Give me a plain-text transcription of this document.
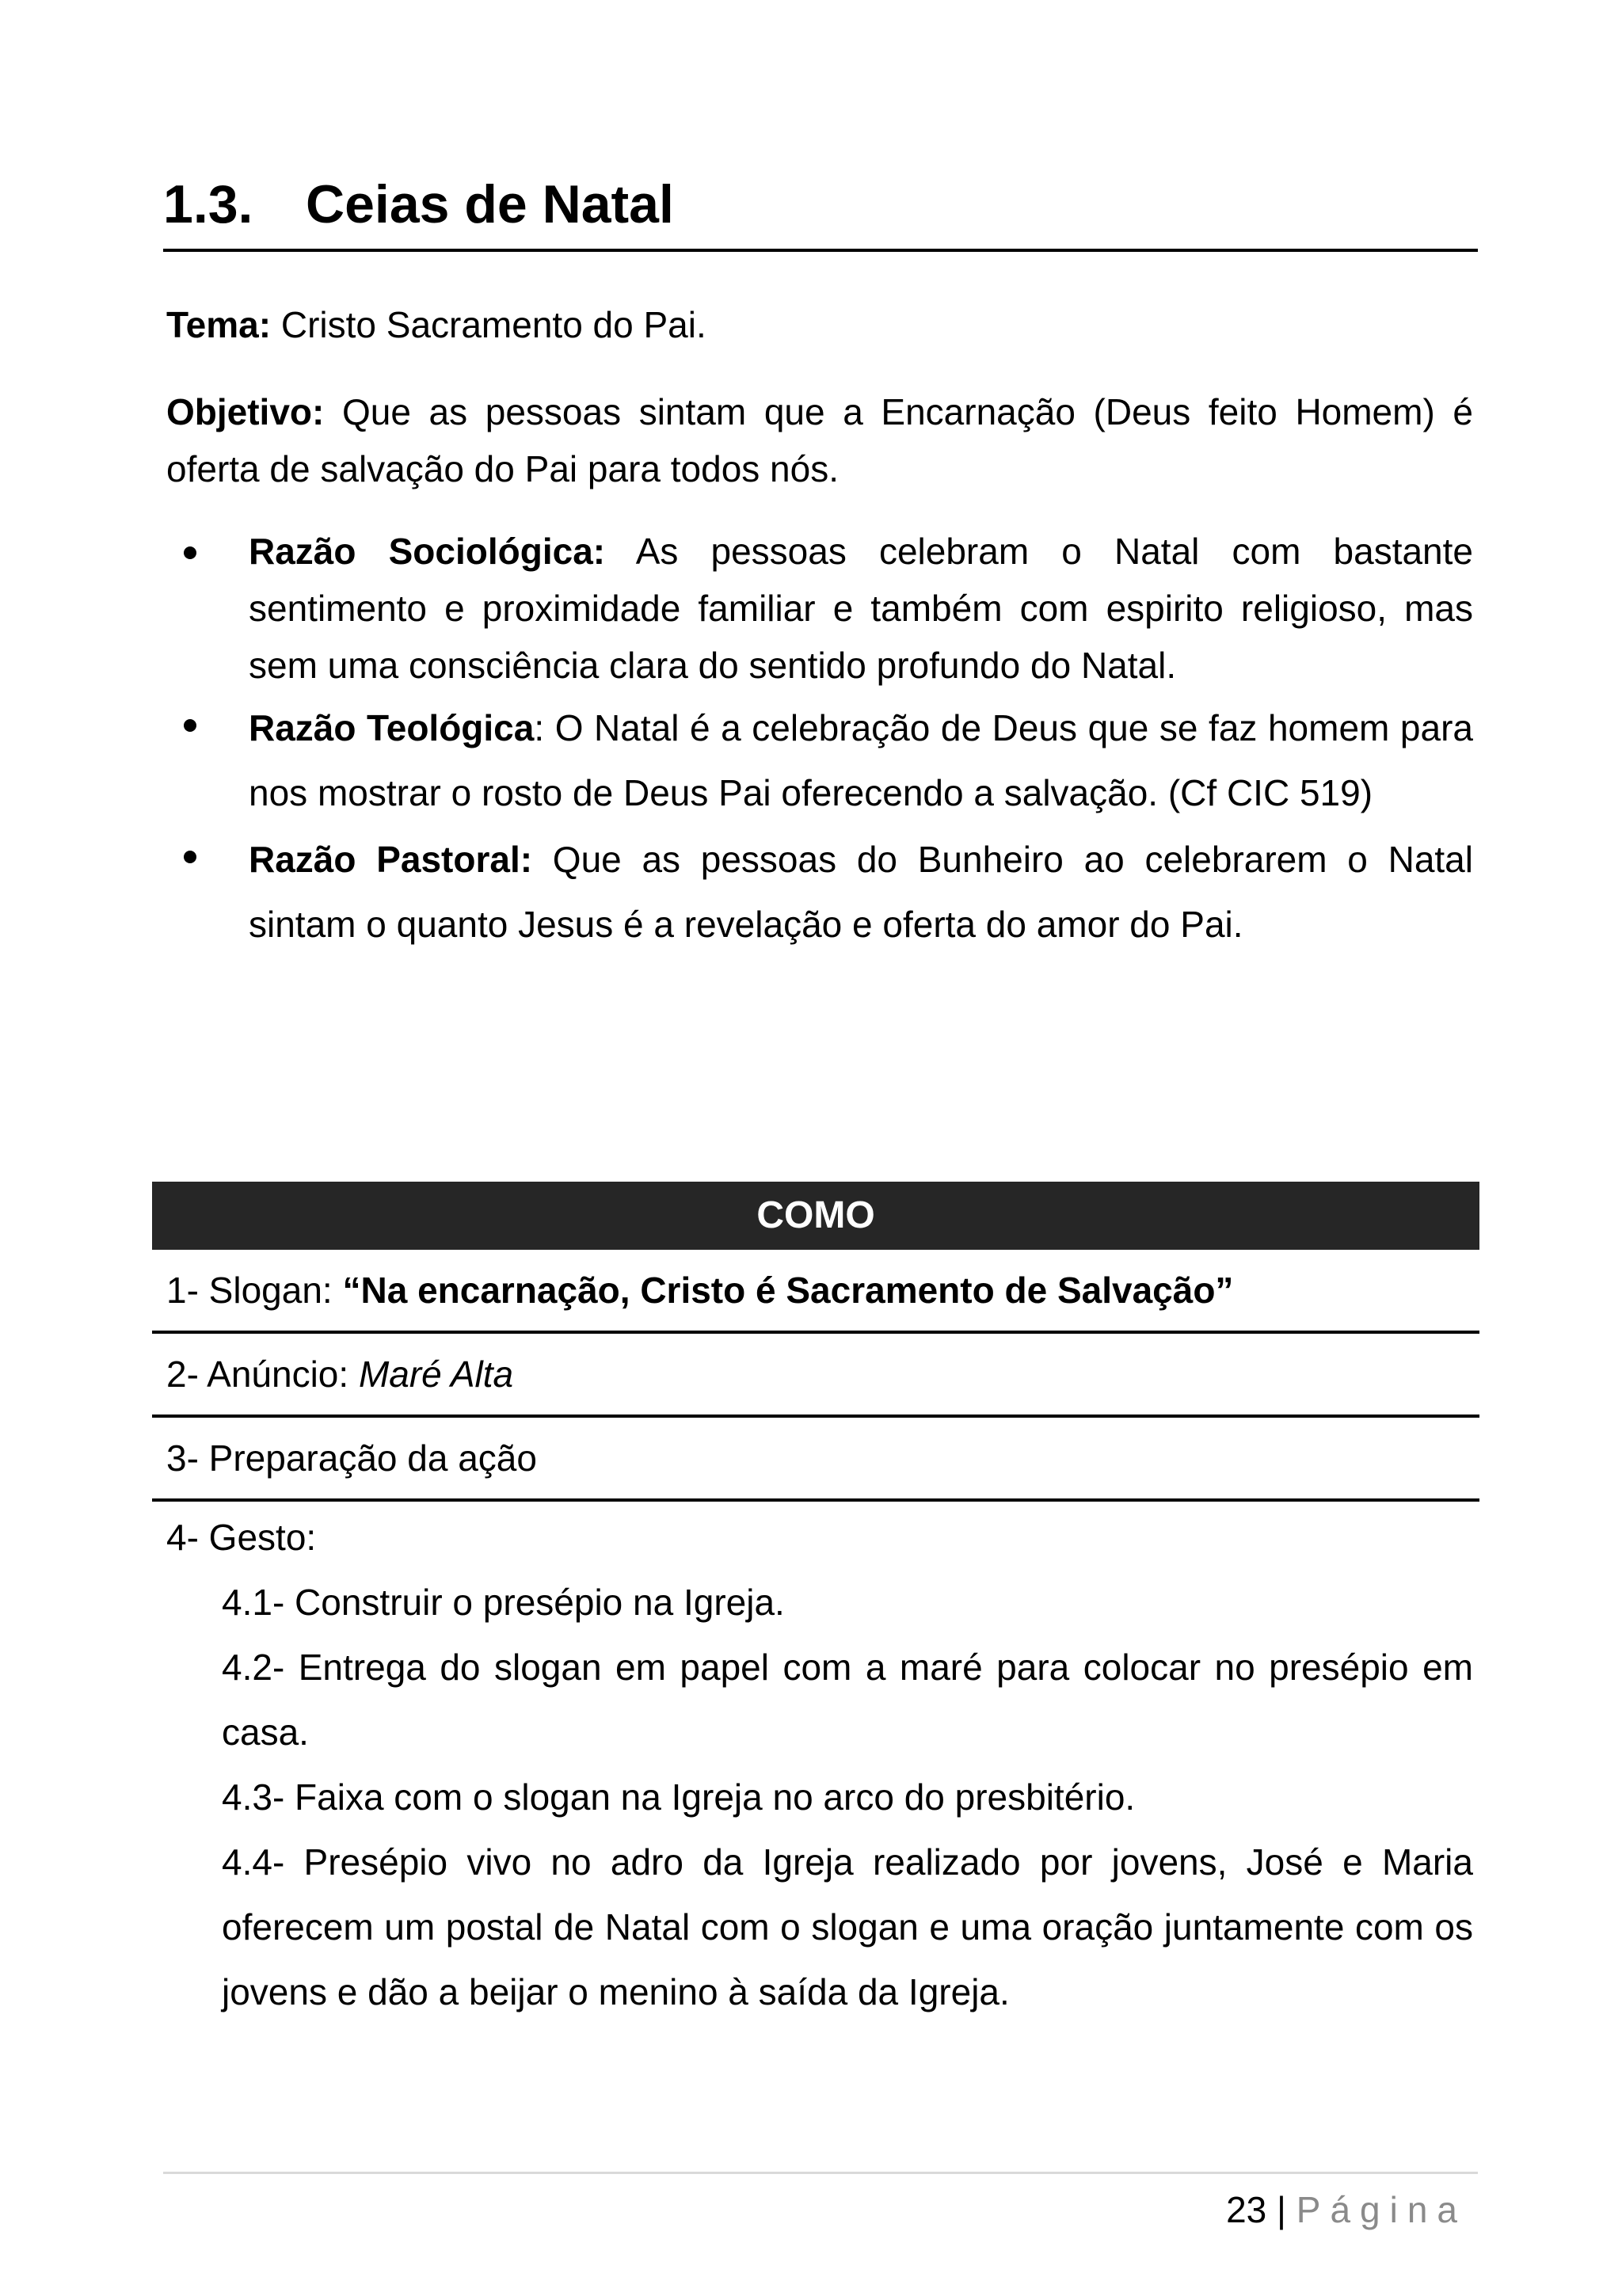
1.3. Ceias de Natal
Tema: Cristo Sacramento do Pai.
Objetivo: Que as pessoas sintam que a Encarnação (Deus feito Homem) é oferta de salvação do Pai para todos nós.
Razão Sociológica: As pessoas celebram o Natal com bastante sentimento e proximidade familiar e também com espirito religioso, mas sem uma consciência clara do sentido profundo do Natal.
Razão Teológica: O Natal é a celebração de Deus que se faz homem para nos mostrar o rosto de Deus Pai oferecendo a salvação. (Cf CIC 519)
Razão Pastoral: Que as pessoas do Bunheiro ao celebrarem o Natal sintam o quanto Jesus é a revelação e oferta do amor do Pai.
COMO
1- Slogan: “Na encarnação, Cristo é Sacramento de Salvação”
2- Anúncio: Maré Alta
3- Preparação da ação
4- Gesto:
4.1- Construir o presépio na Igreja.
4.2- Entrega do slogan em papel com a maré para colocar no presépio em casa.
4.3- Faixa com o slogan na Igreja no arco do presbitério.
4.4- Presépio vivo no adro da Igreja realizado por jovens, José e Maria oferecem um postal de Natal com o slogan e uma oração juntamente com os jovens e dão a beijar o menino à saída da Igreja.
23 | Página
